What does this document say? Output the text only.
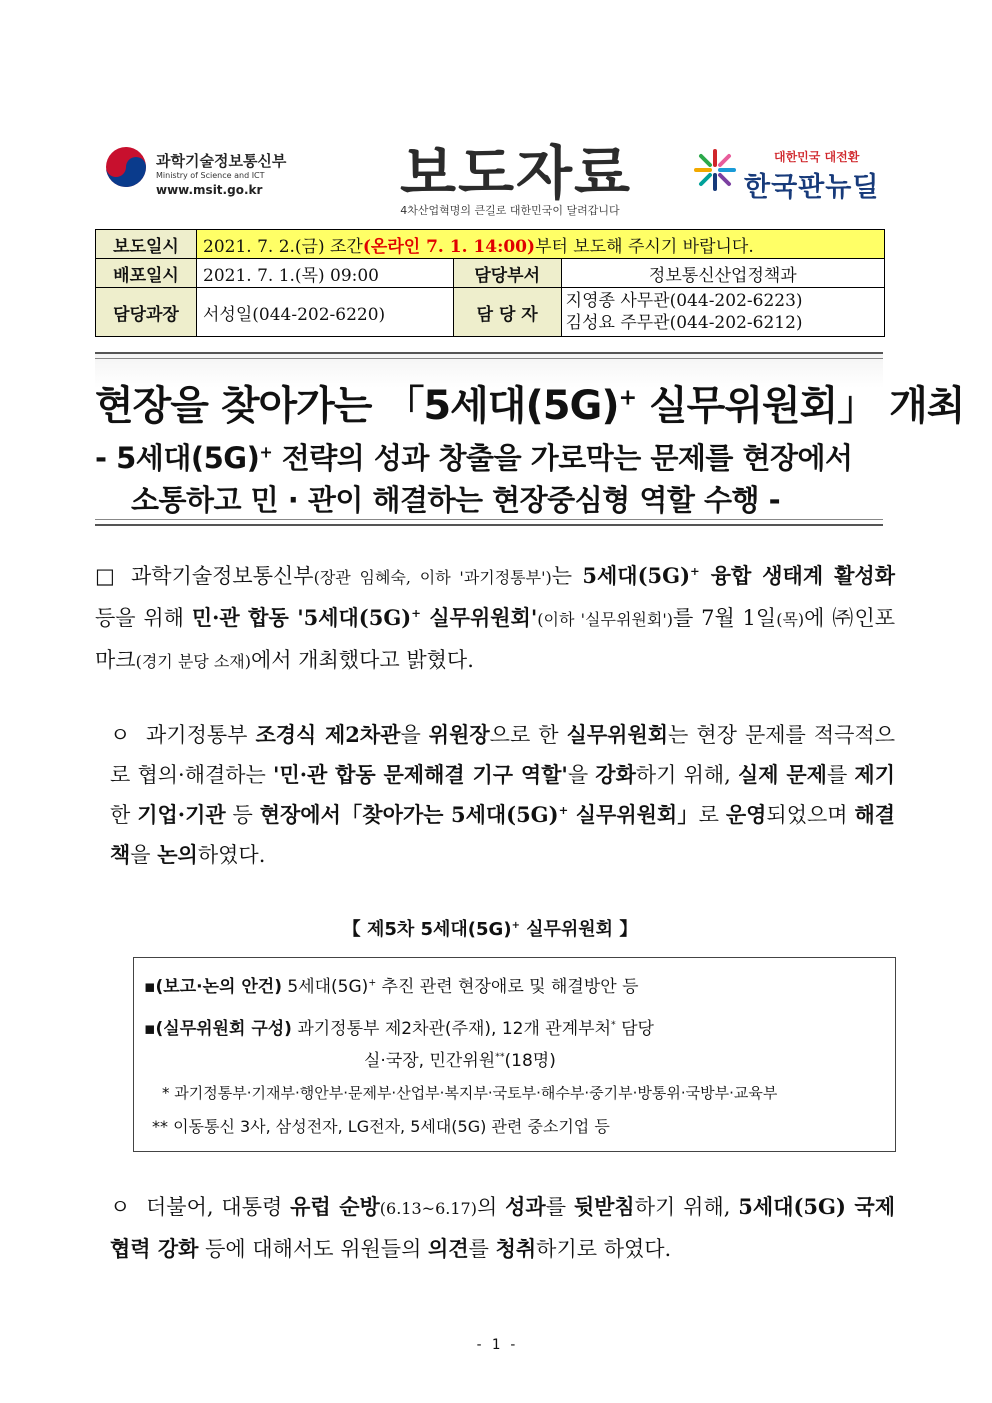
과학기술정보통신부
Ministry of Science and ICT
www.msit.go.kr	보도자료
4차산업혁명의 큰길로 대한민국이 달려갑니다
대한민국 대전환
한국판뉴딜
보도일시	2021. 7. 2.(금) 조간(온라인 7. 1. 14:00)부터 보도해 주시기 바랍니다.		
배포일시	2021. 7. 1.(목) 09:00	담당부서	정보통신산업정책과
담당과장	서성일(044-202-6220)	담 당 자	지영종 사무관(044-202-6223)
김성요 주무관(044-202-6212)
현장을 찾아가는 「5세대(5G)+ 실무위원회」 개최
- 5세대(5G)+ 전략의 성과 창출을 가로막는 문제를 현장에서
소통하고 민 · 관이 해결하는 현장중심형 역할 수행 -
□ 과학기술정보통신부(장관 임혜숙, 이하 '과기정통부')는 5세대(5G)+ 융합 생태계 활성화 등을 위해 민·관 합동 '5세대(5G)+ 실무위원회'(이하 '실무위원회')를 7월 1일(목)에 ㈜인포마크(경기 분당 소재)에서 개최했다고 밝혔다.
ㅇ 과기정통부 조경식 제2차관을 위원장으로 한 실무위원회는 현장 문제를 적극적으로 협의·해결하는 '민·관 합동 문제해결 기구 역할'을 강화하기 위해, 실제 문제를 제기한 기업·기관 등 현장에서「찾아가는 5세대(5G)+ 실무위원회」로 운영되었으며 해결책을 논의하였다.
【 제5차 5세대(5G)+ 실무위원회 】
▪(보고·논의 안건) 5세대(5G)+ 추진 관련 현장애로 및 해결방안 등
▪(실무위원회 구성) 과기정통부 제2차관(주재), 12개 관계부처* 담당
실·국장, 민간위원**(18명)
* 과기정통부·기재부·행안부·문제부·산업부·복지부·국토부·해수부·중기부·방통위·국방부·교육부
** 이동통신 3사, 삼성전자, LG전자, 5세대(5G) 관련 중소기업 등
ㅇ 더불어, 대통령 유럽 순방(6.13~6.17)의 성과를 뒷받침하기 위해, 5세대(5G) 국제 협력 강화 등에 대해서도 위원들의 의견를 청취하기로 하였다.
- 1 -
